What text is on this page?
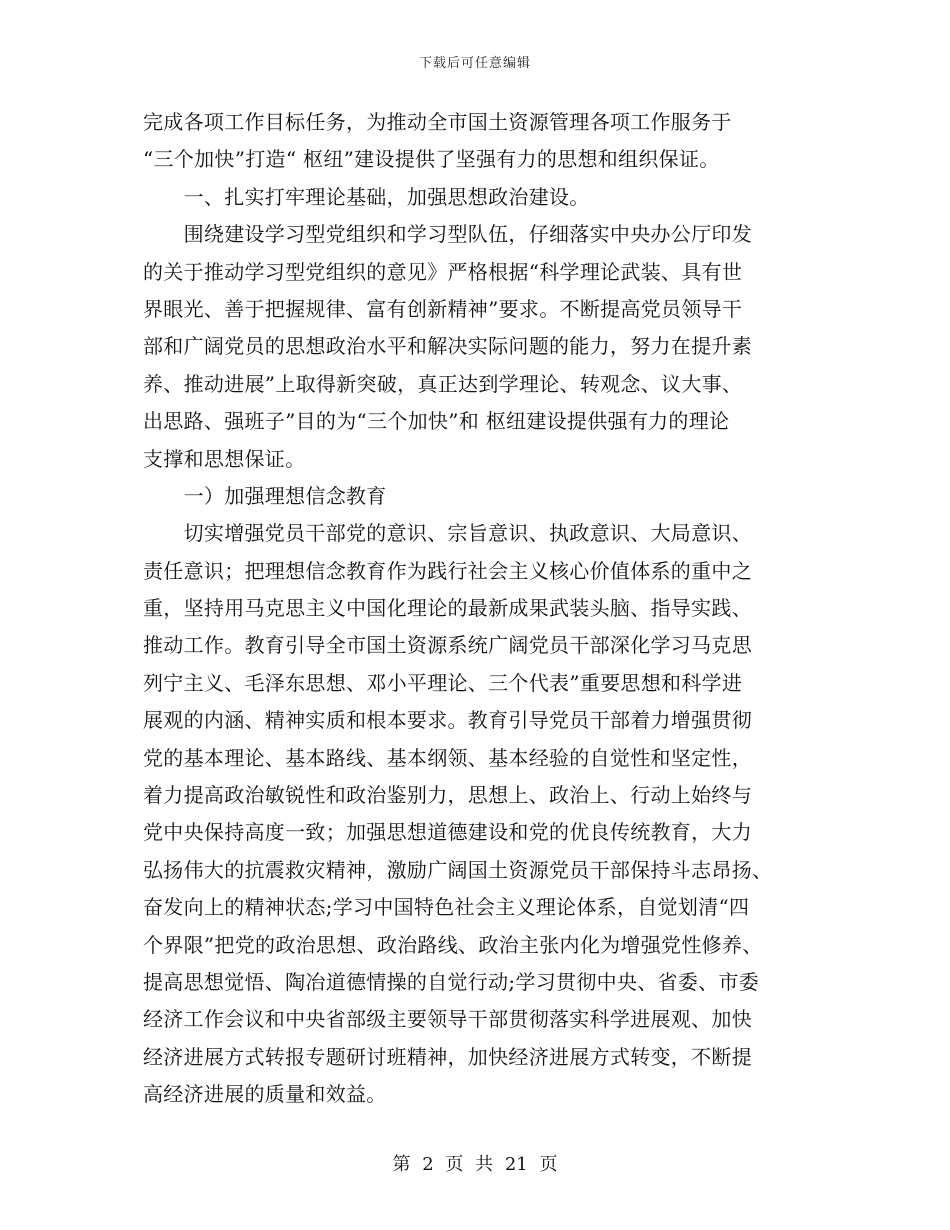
下载后可任意编辑
完成各项工作目标任务，为推动全市国土资源管理各项工作服务于
“三个加快”打造“ 枢纽”建设提供了坚强有力的思想和组织保证。
　　一、扎实打牢理论基础，加强思想政治建设。
　　围绕建设学习型党组织和学习型队伍，仔细落实中央办公厅印发
的关于推动学习型党组织的意见》严格根据“科学理论武装、具有世
界眼光、善于把握规律、富有创新精神”要求。不断提高党员领导干
部和广阔党员的思想政治水平和解决实际问题的能力，努力在提升素
养、推动进展”上取得新突破，真正达到学理论、转观念、议大事、
出思路、强班子”目的为“三个加快”和 枢纽建设提供强有力的理论
支撑和思想保证。
　　一）加强理想信念教育
　　切实增强党员干部党的意识、宗旨意识、执政意识、大局意识、
责任意识；把理想信念教育作为践行社会主义核心价值体系的重中之
重，坚持用马克思主义中国化理论的最新成果武装头脑、指导实践、
推动工作。教育引导全市国土资源系统广阔党员干部深化学习马克思
列宁主义、毛泽东思想、邓小平理论、三个代表”重要思想和科学进
展观的内涵、精神实质和根本要求。教育引导党员干部着力增强贯彻
党的基本理论、基本路线、基本纲领、基本经验的自觉性和坚定性，
着力提高政治敏锐性和政治鉴别力，思想上、政治上、行动上始终与
党中央保持高度一致；加强思想道德建设和党的优良传统教育，大力
弘扬伟大的抗震救灾精神，激励广阔国土资源党员干部保持斗志昂扬、
奋发向上的精神状态;学习中国特色社会主义理论体系，自觉划清“四
个界限”把党的政治思想、政治路线、政治主张内化为增强党性修养、
提高思想觉悟、陶冶道德情操的自觉行动;学习贯彻中央、省委、市委
经济工作会议和中央省部级主要领导干部贯彻落实科学进展观、加快
经济进展方式转报专题研讨班精神，加快经济进展方式转变，不断提
高经济进展的质量和效益。
第 2 页 共 21 页
